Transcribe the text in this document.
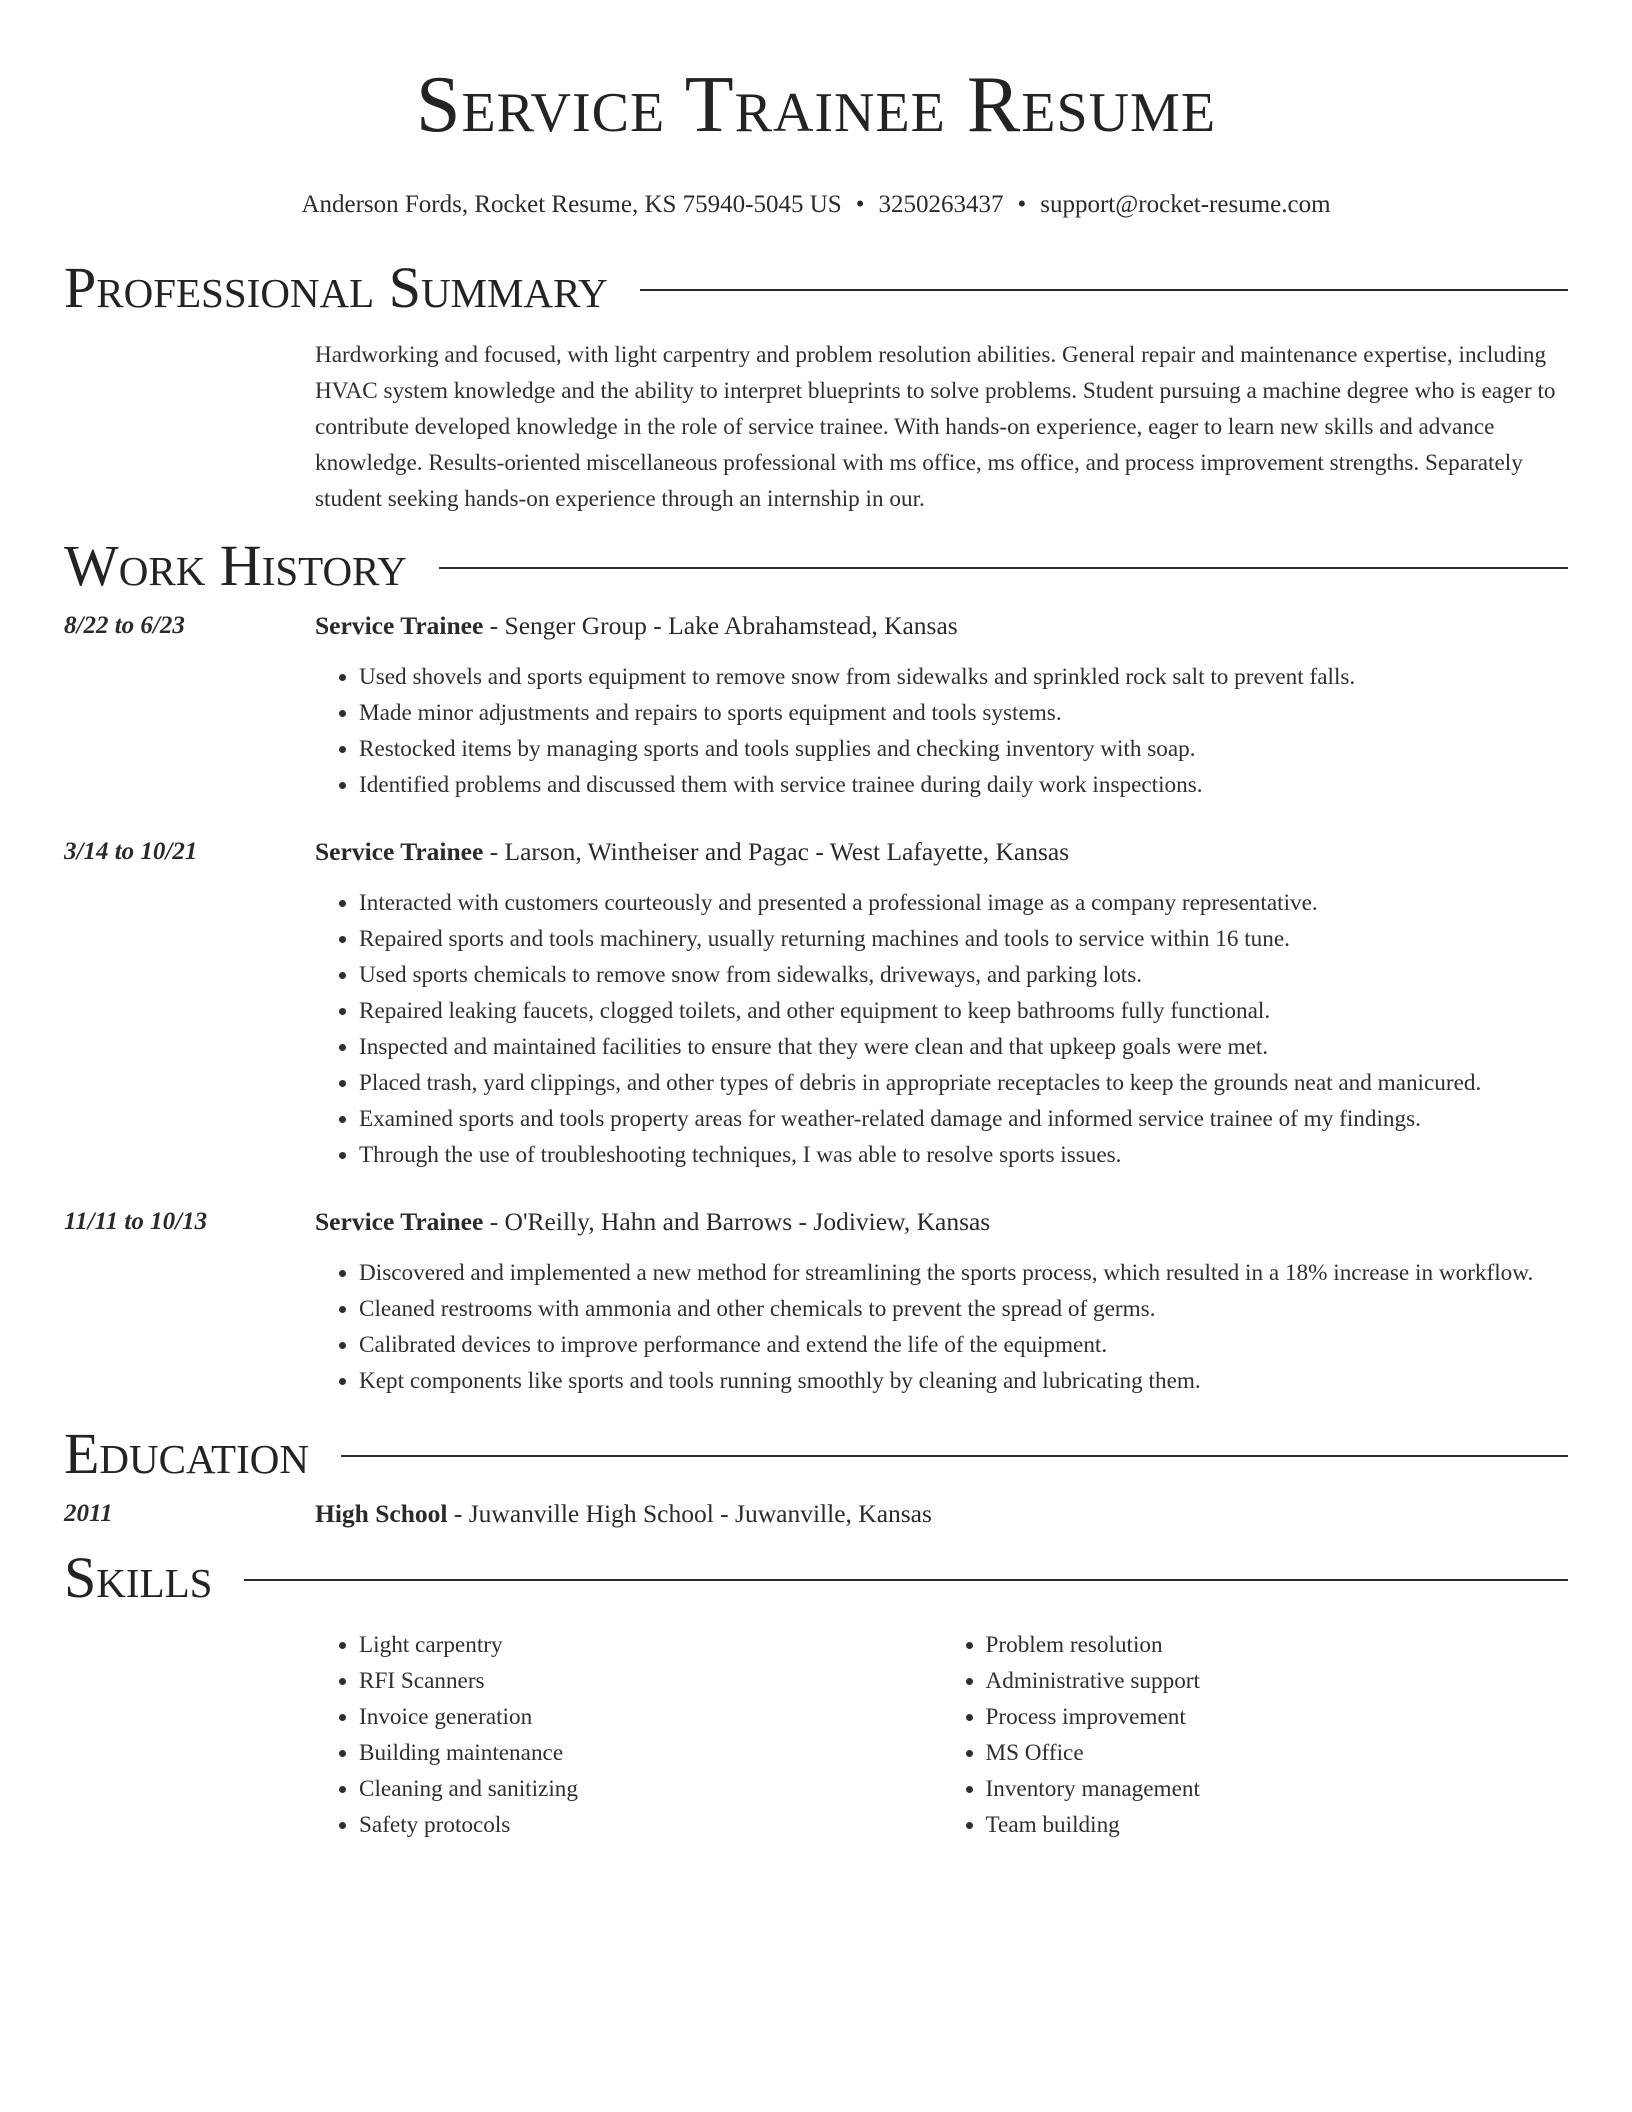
Service Trainee Resume
Anderson Fords, Rocket Resume, KS 75940-5045 US • 3250263437 • support@rocket-resume.com
Professional Summary
Hardworking and focused, with light carpentry and problem resolution abilities. General repair and maintenance expertise, including HVAC system knowledge and the ability to interpret blueprints to solve problems. Student pursuing a machine degree who is eager to contribute developed knowledge in the role of service trainee. With hands-on experience, eager to learn new skills and advance knowledge. Results-oriented miscellaneous professional with ms office, ms office, and process improvement strengths. Separately student seeking hands-on experience through an internship in our.
Work History
8/22 to 6/23	Service Trainee - Senger Group - Lake Abrahamstead, Kansas
• Used shovels and sports equipment to remove snow from sidewalks and sprinkled rock salt to prevent falls.
• Made minor adjustments and repairs to sports equipment and tools systems.
• Restocked items by managing sports and tools supplies and checking inventory with soap.
• Identified problems and discussed them with service trainee during daily work inspections.
3/14 to 10/21	Service Trainee - Larson, Wintheiser and Pagac - West Lafayette, Kansas
• Interacted with customers courteously and presented a professional image as a company representative.
• Repaired sports and tools machinery, usually returning machines and tools to service within 16 tune.
• Used sports chemicals to remove snow from sidewalks, driveways, and parking lots.
• Repaired leaking faucets, clogged toilets, and other equipment to keep bathrooms fully functional.
• Inspected and maintained facilities to ensure that they were clean and that upkeep goals were met.
• Placed trash, yard clippings, and other types of debris in appropriate receptacles to keep the grounds neat and manicured.
• Examined sports and tools property areas for weather-related damage and informed service trainee of my findings.
• Through the use of troubleshooting techniques, I was able to resolve sports issues.
11/11 to 10/13	Service Trainee - O'Reilly, Hahn and Barrows - Jodiview, Kansas
• Discovered and implemented a new method for streamlining the sports process, which resulted in a 18% increase in workflow.
• Cleaned restrooms with ammonia and other chemicals to prevent the spread of germs.
• Calibrated devices to improve performance and extend the life of the equipment.
• Kept components like sports and tools running smoothly by cleaning and lubricating them.
Education
2011	High School - Juwanville High School - Juwanville, Kansas
Skills
• Light carpentry
• RFI Scanners
• Invoice generation
• Building maintenance
• Cleaning and sanitizing
• Safety protocols
• Problem resolution
• Administrative support
• Process improvement
• MS Office
• Inventory management
• Team building
